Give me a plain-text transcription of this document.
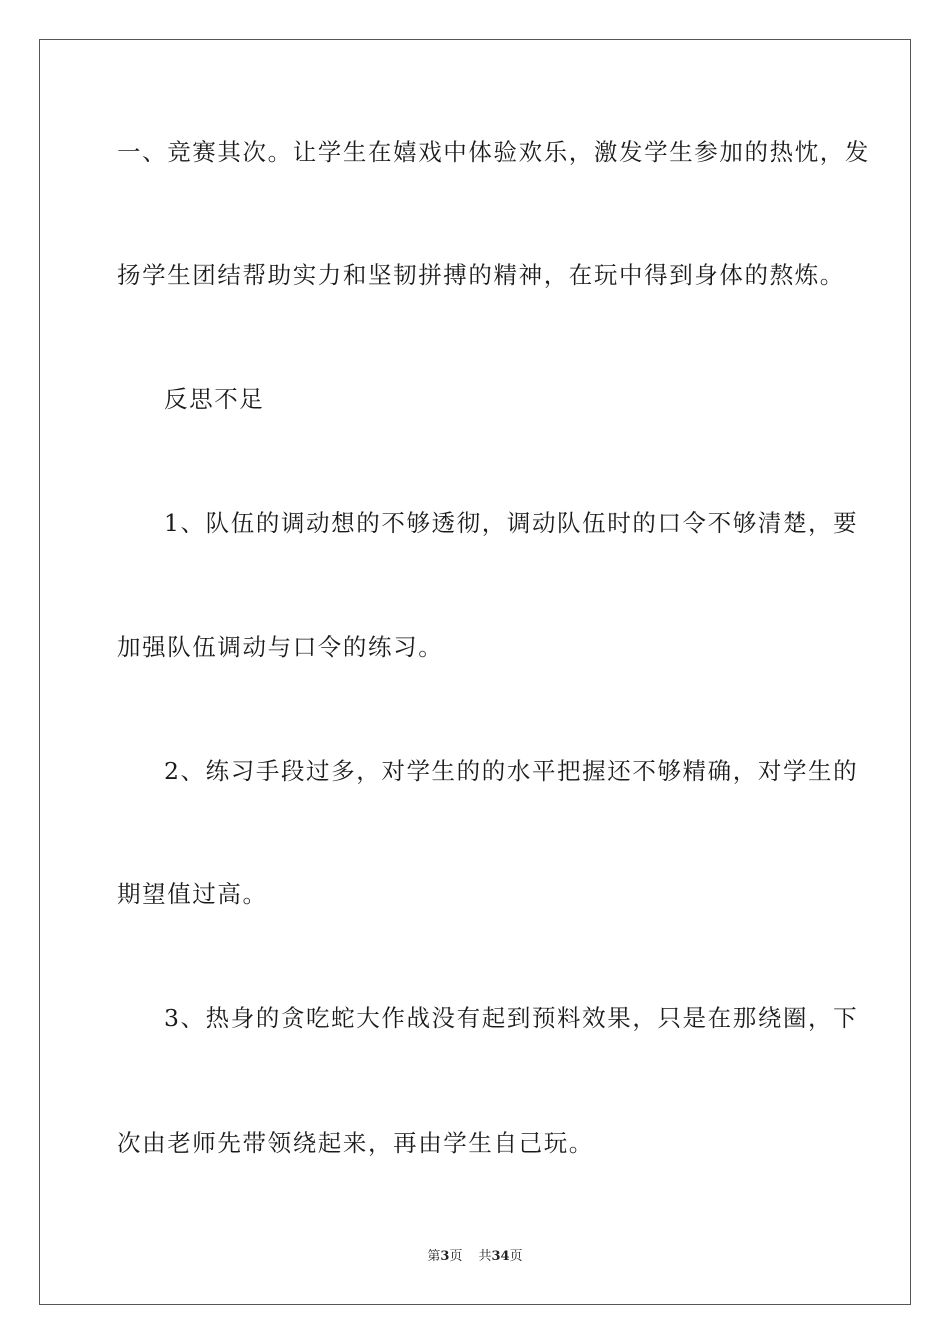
一、竞赛其次。让学生在嬉戏中体验欢乐，激发学生参加的热忱，发
扬学生团结帮助实力和坚韧拼搏的精神，在玩中得到身体的熬炼。
反思不足
1、队伍的调动想的不够透彻，调动队伍时的口令不够清楚，要
加强队伍调动与口令的练习。
2、练习手段过多，对学生的的水平把握还不够精确，对学生的
期望值过高。
3、热身的贪吃蛇大作战没有起到预料效果，只是在那绕圈，下
次由老师先带领绕起来，再由学生自己玩。
第3页 共34页
